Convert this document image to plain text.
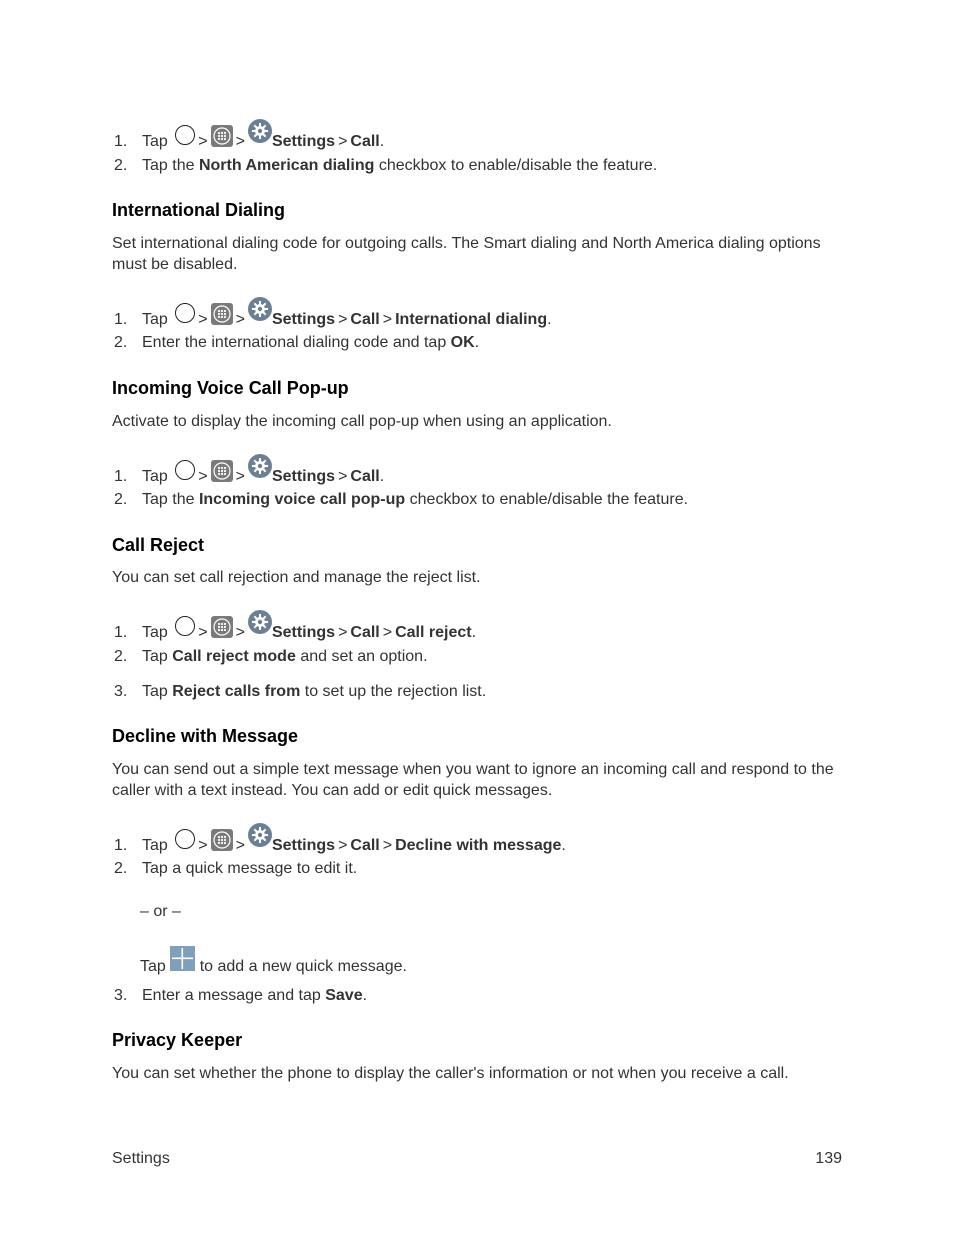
1. Tap > > Settings > Call.
2. Tap the North American dialing checkbox to enable/disable the feature.
International Dialing
Set international dialing code for outgoing calls. The Smart dialing and North America dialing options must be disabled.
1. Tap > > Settings > Call > International dialing.
2. Enter the international dialing code and tap OK.
Incoming Voice Call Pop-up
Activate to display the incoming call pop-up when using an application.
1. Tap > > Settings > Call.
2. Tap the Incoming voice call pop-up checkbox to enable/disable the feature.
Call Reject
You can set call rejection and manage the reject list.
1. Tap > > Settings > Call > Call reject.
2. Tap Call reject mode and set an option.
3. Tap Reject calls from to set up the rejection list.
Decline with Message
You can send out a simple text message when you want to ignore an incoming call and respond to the caller with a text instead. You can add or edit quick messages.
1. Tap > > Settings > Call > Decline with message.
2. Tap a quick message to edit it.
– or –
Tap to add a new quick message.
3. Enter a message and tap Save.
Privacy Keeper
You can set whether the phone to display the caller's information or not when you receive a call.
Settings	139
